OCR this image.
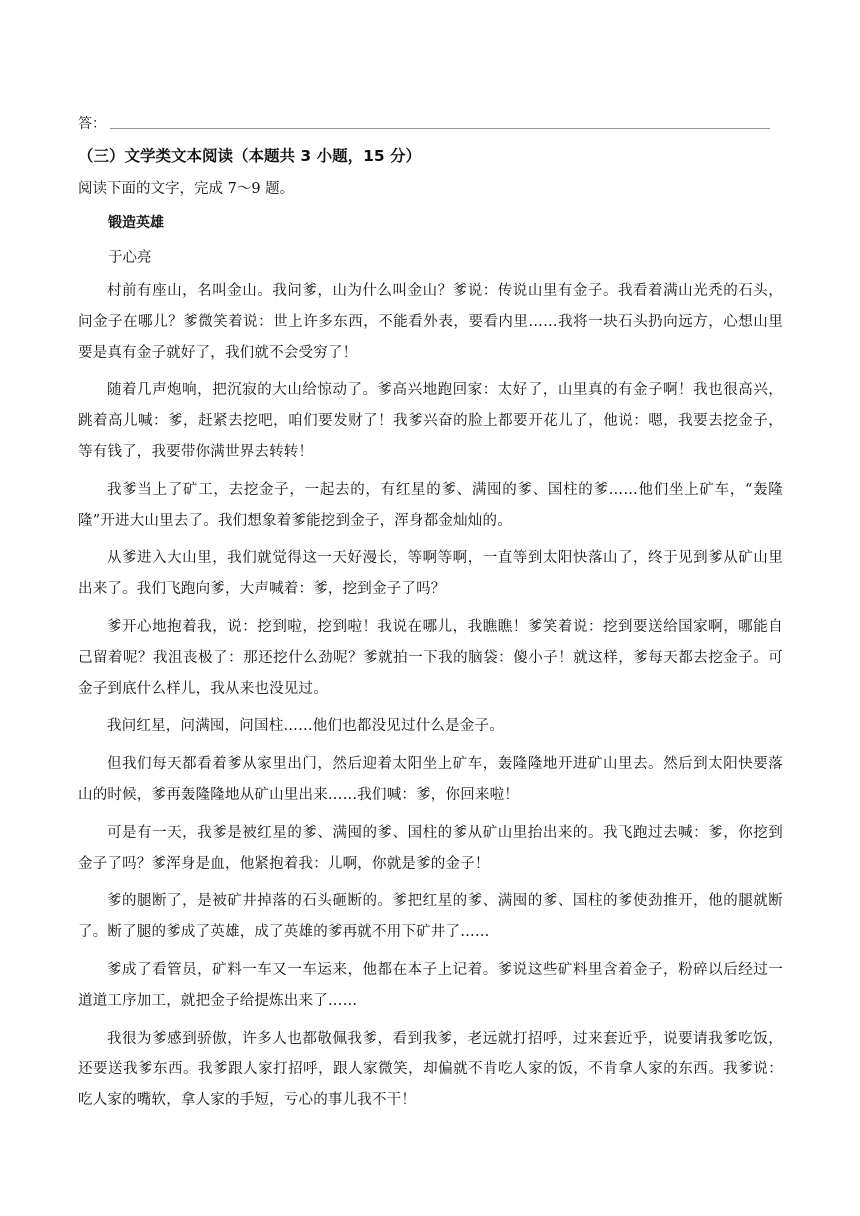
答：
（三）文学类文本阅读（本题共 3 小题，15 分）
阅读下面的文字，完成 7～9 题。
锻造英雄
于心亮

村前有座山，名叫金山。我问爹，山为什么叫金山？爹说：传说山里有金子。我看着满山光秃的石头，问金子在哪儿？爹微笑着说：世上许多东西，不能看外表，要看内里……我将一块石头扔向远方，心想山里要是真有金子就好了，我们就不会受穷了！

随着几声炮响，把沉寂的大山给惊动了。爹高兴地跑回家：太好了，山里真的有金子啊！我也很高兴，跳着高儿喊：爹，赶紧去挖吧，咱们要发财了！我爹兴奋的脸上都要开花儿了，他说：嗯，我要去挖金子，等有钱了，我要带你满世界去转转！

我爹当上了矿工，去挖金子，一起去的，有红星的爹、满囤的爹、国柱的爹……他们坐上矿车，“轰隆隆”开进大山里去了。我们想象着爹能挖到金子，浑身都金灿灿的。

从爹进入大山里，我们就觉得这一天好漫长，等啊等啊，一直等到太阳快落山了，终于见到爹从矿山里出来了。我们飞跑向爹，大声喊着：爹，挖到金子了吗？

爹开心地抱着我，说：挖到啦，挖到啦！我说在哪儿，我瞧瞧！爹笑着说：挖到要送给国家啊，哪能自己留着呢？我沮丧极了：那还挖什么劲呢？爹就拍一下我的脑袋：傻小子！就这样，爹每天都去挖金子。可金子到底什么样儿，我从来也没见过。

我问红星，问满囤，问国柱……他们也都没见过什么是金子。

但我们每天都看着爹从家里出门，然后迎着太阳坐上矿车，轰隆隆地开进矿山里去。然后到太阳快要落山的时候，爹再轰隆隆地从矿山里出来……我们喊：爹，你回来啦！

可是有一天，我爹是被红星的爹、满囤的爹、国柱的爹从矿山里抬出来的。我飞跑过去喊：爹，你挖到金子了吗？爹浑身是血，他紧抱着我：儿啊，你就是爹的金子！

爹的腿断了，是被矿井掉落的石头砸断的。爹把红星的爹、满囤的爹、国柱的爹使劲推开，他的腿就断了。断了腿的爹成了英雄，成了英雄的爹再就不用下矿井了……

爹成了看管员，矿料一车又一车运来，他都在本子上记着。爹说这些矿料里含着金子，粉碎以后经过一道道工序加工，就把金子给提炼出来了……

我很为爹感到骄傲，许多人也都敬佩我爹，看到我爹，老远就打招呼，过来套近乎，说要请我爹吃饭，还要送我爹东西。我爹跟人家打招呼，跟人家微笑，却偏就不肯吃人家的饭，不肯拿人家的东西。我爹说：吃人家的嘴软，拿人家的手短，亏心的事儿我不干！
